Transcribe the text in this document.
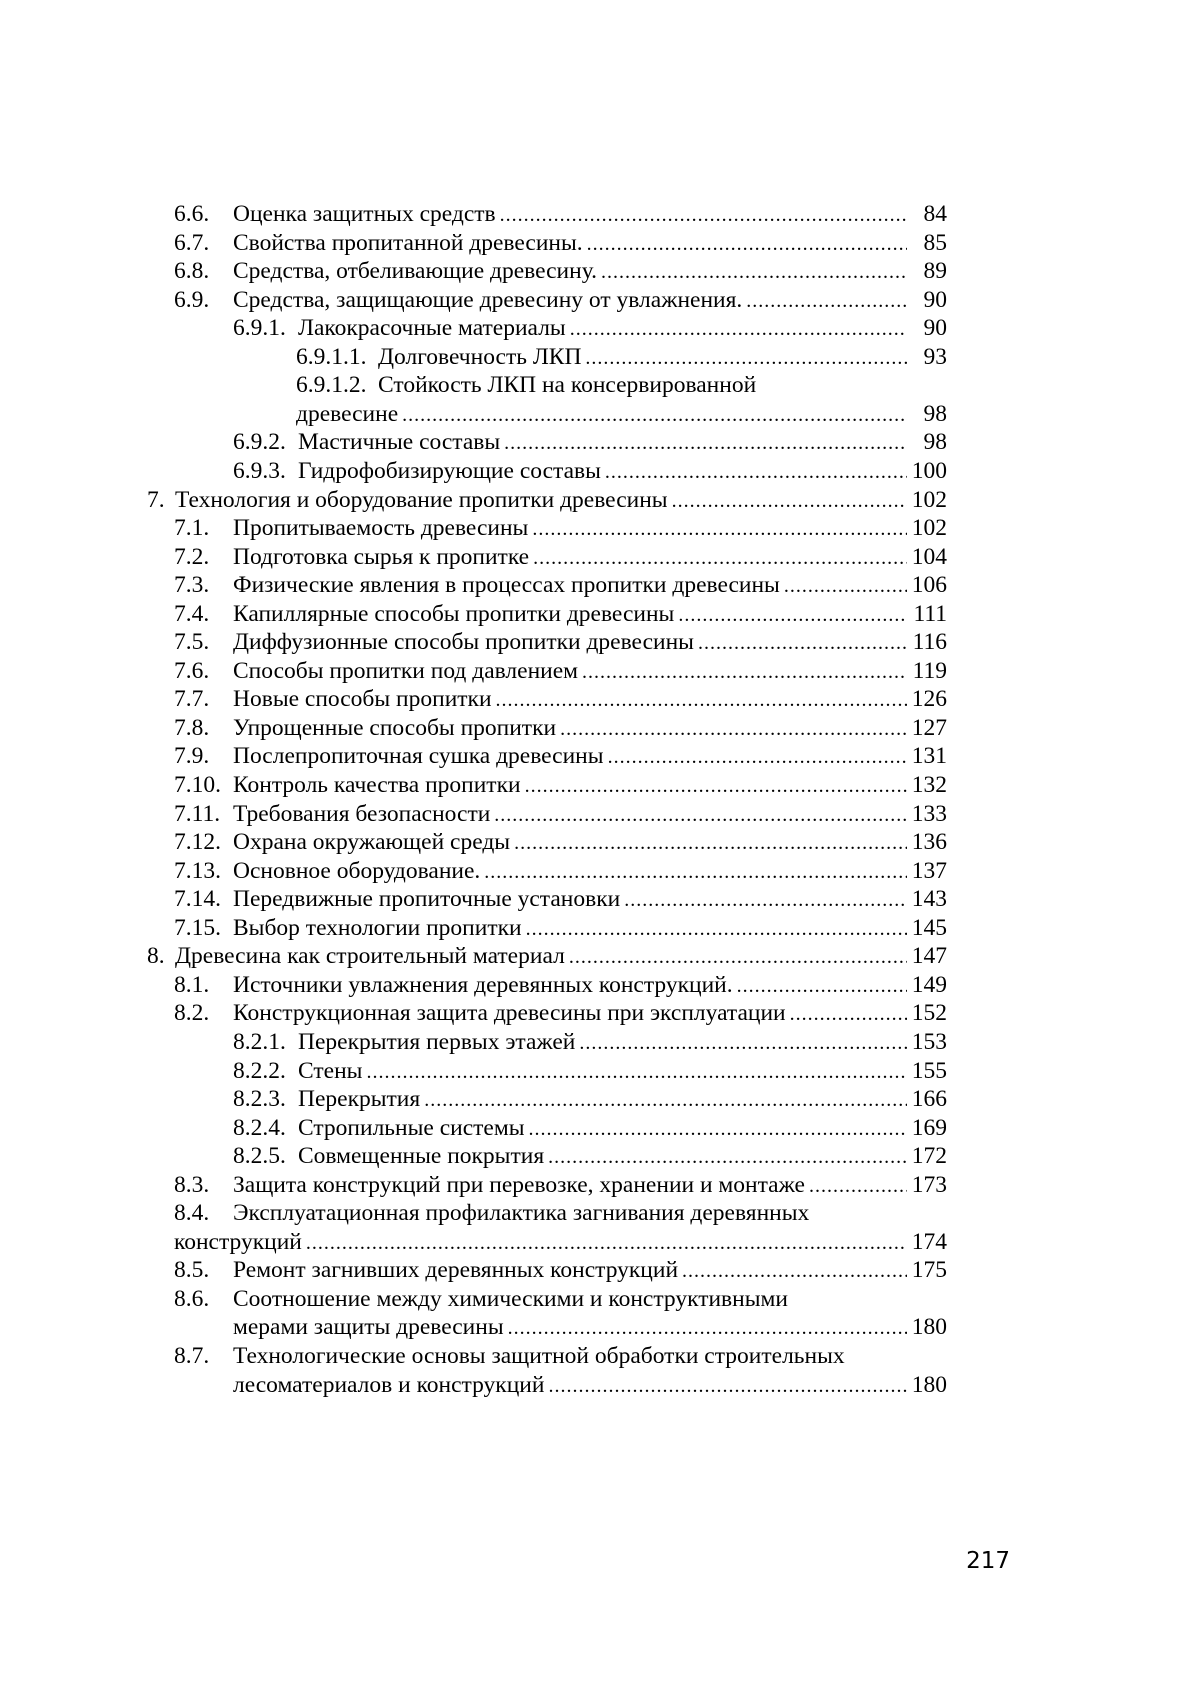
6.6.	Оценка защитных средств .....	84
6.7.	Свойства пропитанной древесины. .....	85
6.8.	Средства, отбеливающие древесину. .....	89
6.9.	Средства, защищающие древесину от увлажнения. .....	90
6.9.1. Лакокрасочные материалы .....	90
6.9.1.1. Долговечность ЛКП .....	93
6.9.1.2. Стойкость ЛКП на консервированной
древесине .....	98
6.9.2. Мастичные составы .....	98
6.9.3. Гидрофобизирующие составы .....	100
7. Технология и оборудование пропитки древесины .....	102
7.1.	Пропитываемость древесины .....	102
7.2.	Подготовка сырья к пропитке .....	104
7.3.	Физические явления в процессах пропитки древесины .....	106
7.4.	Капиллярные способы пропитки древесины .....	111
7.5.	Диффузионные способы пропитки древесины .....	116
7.6.	Способы пропитки под давлением .....	119
7.7.	Новые способы пропитки .....	126
7.8.	Упрощенные способы пропитки .....	127
7.9.	Послепропиточная сушка древесины .....	131
7.10. Контроль качества пропитки .....	132
7.11. Требования безопасности .....	133
7.12. Охрана окружающей среды .....	136
7.13. Основное оборудование. .....	137
7.14. Передвижные пропиточные установки .....	143
7.15. Выбор технологии пропитки .....	145
8. Древесина как строительный материал .....	147
8.1.	Источники увлажнения деревянных конструкций. .....	149
8.2.	Конструкционная защита древесины при эксплуатации .....	152
8.2.1. Перекрытия первых этажей .....	153
8.2.2. Стены .....	155
8.2.3. Перекрытия .....	166
8.2.4. Стропильные системы .....	169
8.2.5. Совмещенные покрытия .....	172
8.3.	Защита конструкций при перевозке, хранении и монтаже .....	173
8.4.	Эксплуатационная профилактика загнивания деревянных
конструкций .....	174
8.5.	Ремонт загнивших деревянных конструкций .....	175
8.6.	Соотношение между химическими и конструктивными
мерами защиты древесины .....	180
8.7.	Технологические основы защитной обработки строительных
лесоматериалов и конструкций .....	180
217
